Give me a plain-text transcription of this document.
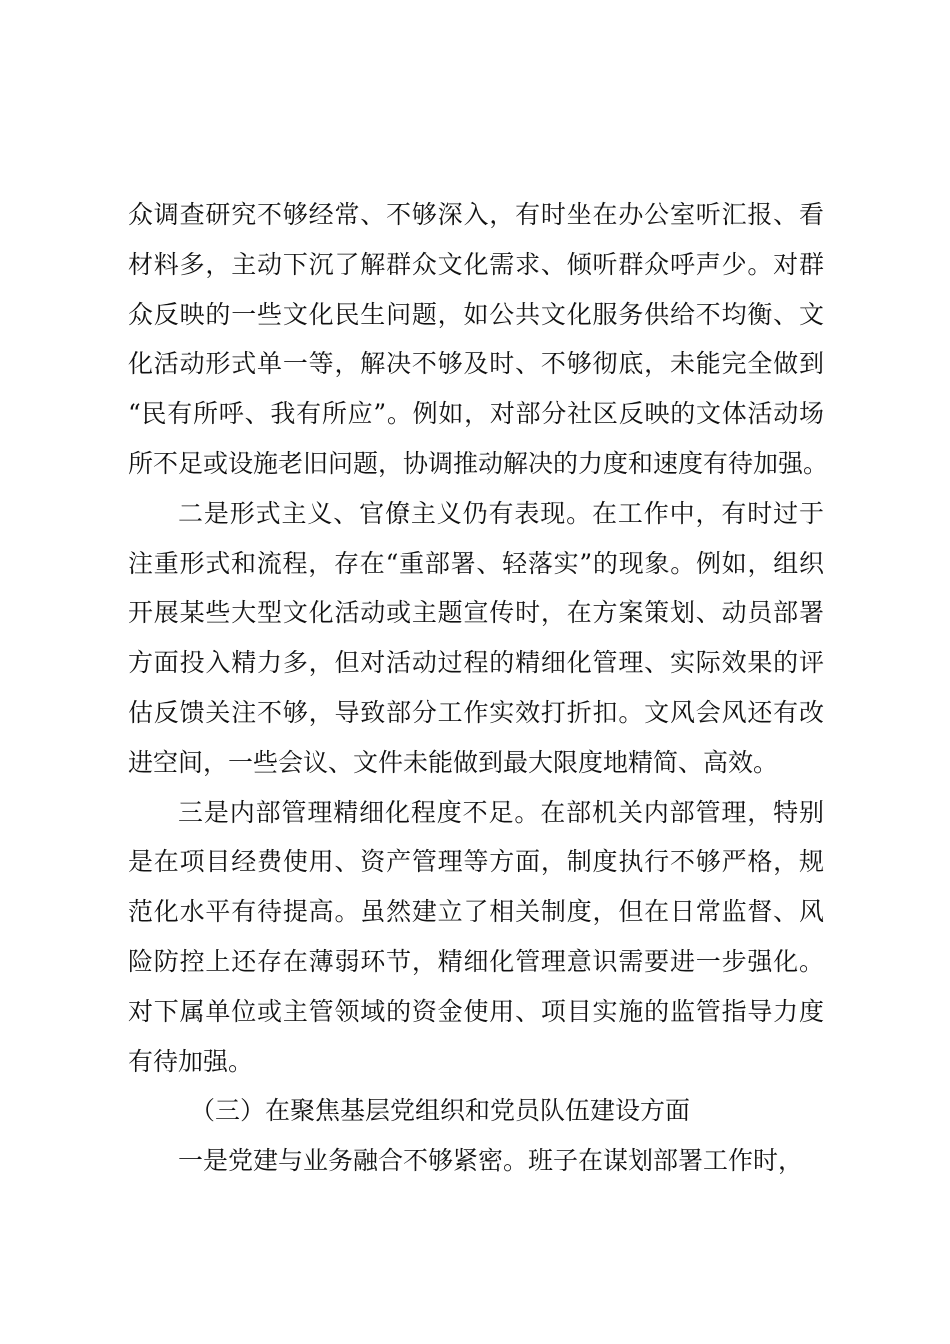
众调查研究不够经常、不够深入，有时坐在办公室听汇报、看
材料多，主动下沉了解群众文化需求、倾听群众呼声少。对群
众反映的一些文化民生问题，如公共文化服务供给不均衡、文
化活动形式单一等，解决不够及时、不够彻底，未能完全做到
“民有所呼、我有所应”。例如，对部分社区反映的文体活动场
所不足或设施老旧问题，协调推动解决的力度和速度有待加强。
二是形式主义、官僚主义仍有表现。在工作中，有时过于
注重形式和流程，存在“重部署、轻落实”的现象。例如，组织
开展某些大型文化活动或主题宣传时，在方案策划、动员部署
方面投入精力多，但对活动过程的精细化管理、实际效果的评
估反馈关注不够，导致部分工作实效打折扣。文风会风还有改
进空间，一些会议、文件未能做到最大限度地精简、高效。
三是内部管理精细化程度不足。在部机关内部管理，特别
是在项目经费使用、资产管理等方面，制度执行不够严格，规
范化水平有待提高。虽然建立了相关制度，但在日常监督、风
险防控上还存在薄弱环节，精细化管理意识需要进一步强化。
对下属单位或主管领域的资金使用、项目实施的监管指导力度
有待加强。
（三）在聚焦基层党组织和党员队伍建设方面
一是党建与业务融合不够紧密。班子在谋划部署工作时，
